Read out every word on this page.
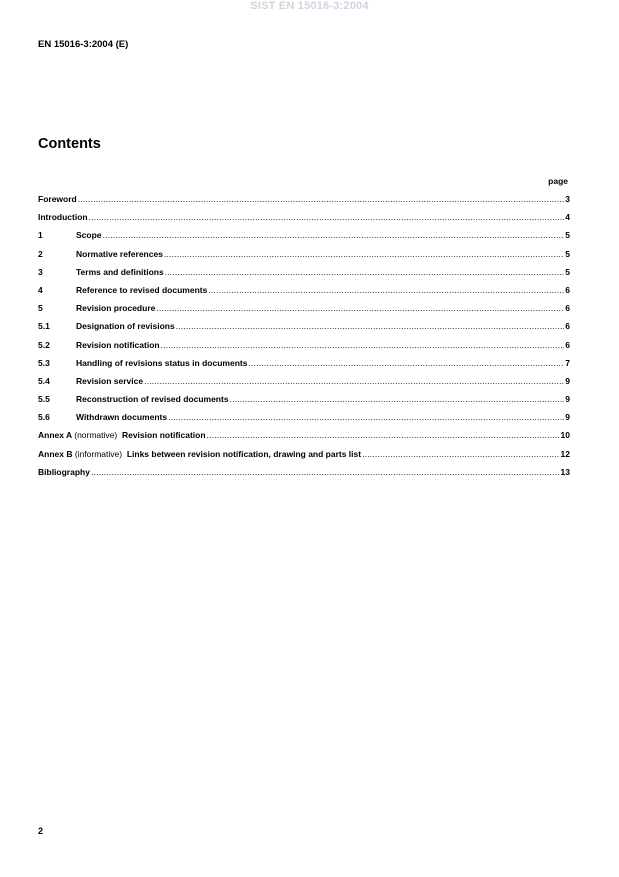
SIST EN 15016-3:2004
EN 15016-3:2004 (E)
Contents
page
Foreword .....	3
Introduction .....	4
1	Scope .....	5
2	Normative references .....	5
3	Terms and definitions .....	5
4	Reference to revised documents .....	6
5	Revision procedure .....	6
5.1	Designation of revisions .....	6
5.2	Revision notification .....	6
5.3	Handling of revisions status in documents .....	7
5.4	Revision service .....	9
5.5	Reconstruction of revised documents .....	9
5.6	Withdrawn documents .....	9
Annex A (normative) Revision notification .....	10
Annex B (informative) Links between revision notification, drawing and parts list .....	12
Bibliography .....	13
2
